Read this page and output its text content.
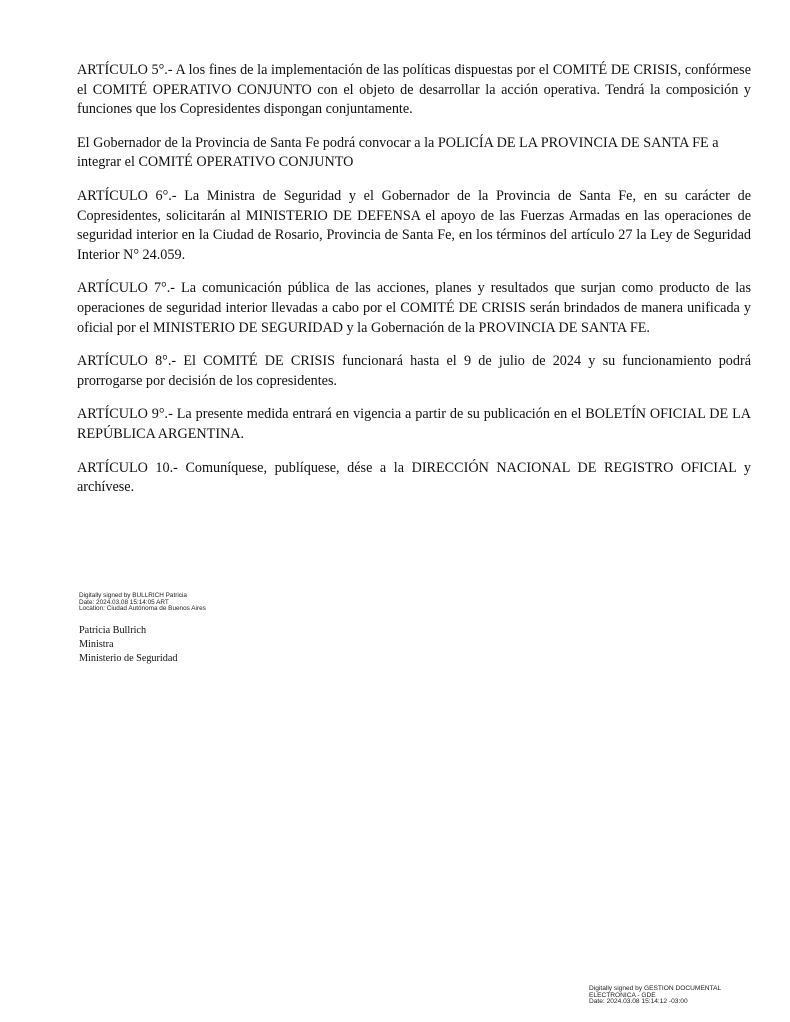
ARTÍCULO 5°.- A los fines de la implementación de las políticas dispuestas por el COMITÉ DE CRISIS, confórmese el COMITÉ OPERATIVO CONJUNTO con el objeto de desarrollar la acción operativa. Tendrá la composición y funciones que los Copresidentes dispongan conjuntamente.

El Gobernador de la Provincia de Santa Fe podrá convocar a la POLICÍA DE LA PROVINCIA DE SANTA FE a integrar el COMITÉ OPERATIVO CONJUNTO

ARTÍCULO 6°.- La Ministra de Seguridad y el Gobernador de la Provincia de Santa Fe, en su carácter de Copresidentes, solicitarán al MINISTERIO DE DEFENSA el apoyo de las Fuerzas Armadas en las operaciones de seguridad interior en la Ciudad de Rosario, Provincia de Santa Fe, en los términos del artículo 27 la Ley de Seguridad Interior N° 24.059.

ARTÍCULO 7°.- La comunicación pública de las acciones, planes y resultados que surjan como producto de las operaciones de seguridad interior llevadas a cabo por el COMITÉ DE CRISIS serán brindados de manera unificada y oficial por el MINISTERIO DE SEGURIDAD y la Gobernación de la PROVINCIA DE SANTA FE.

ARTÍCULO 8°.- El COMITÉ DE CRISIS funcionará hasta el 9 de julio de 2024 y su funcionamiento podrá prorrogarse por decisión de los copresidentes.

ARTÍCULO 9°.- La presente medida entrará en vigencia a partir de su publicación en el BOLETÍN OFICIAL DE LA REPÚBLICA ARGENTINA.

ARTÍCULO 10.- Comuníquese, publíquese, dése a la DIRECCIÓN NACIONAL DE REGISTRO OFICIAL y archívese.

Digitally signed by BULLRICH Patricia
Date: 2024.03.08 15:14:05 ART
Location: Ciudad Autónoma de Buenos Aires
Patricia Bullrich
Ministra
Ministerio de Seguridad
Digitally signed by GESTION DOCUMENTAL
ELECTRONICA - GDE
Date: 2024.03.08 15:14:12 -03:00
